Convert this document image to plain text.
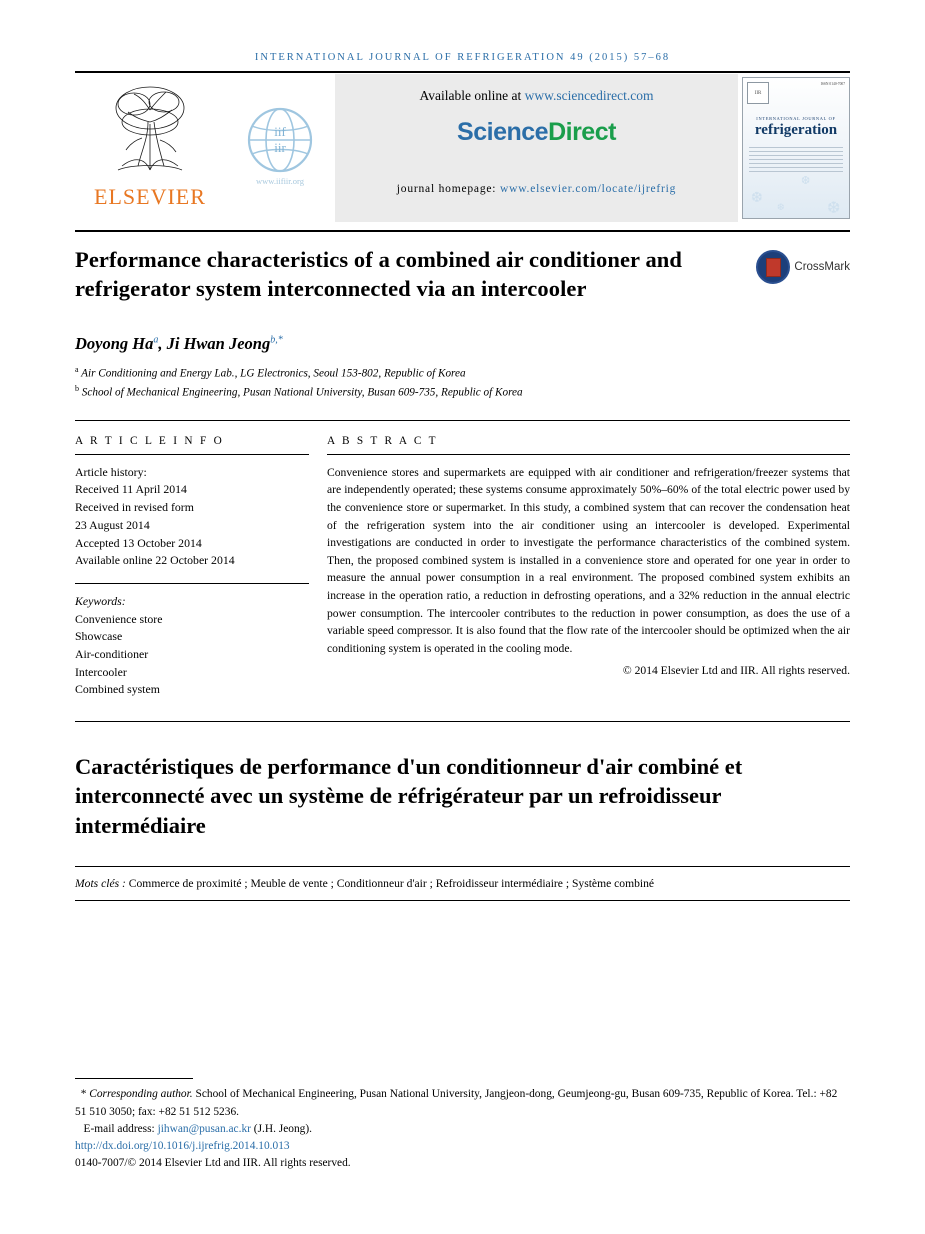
INTERNATIONAL JOURNAL OF REFRIGERATION 49 (2015) 57–68
ELSEVIER
iif
iir
www.iifiir.org
Available online at www.sciencedirect.com
ScienceDirect
journal homepage: www.elsevier.com/locate/ijrefrig
IIR
ISSN 0140-7007
INTERNATIONAL JOURNAL OF
refrigeration
❆
❆
❆
❆
Performance characteristics of a combined air conditioner and refrigerator system interconnected via an intercooler
CrossMark
Doyong Ha$^a$, Ji Hwan Jeong$^{b,*}$
$^a$ Air Conditioning and Energy Lab., LG Electronics, Seoul 153-802, Republic of Korea
$^b$ School of Mechanical Engineering, Pusan National University, Busan 609-735, Republic of Korea
A R T I C L E I N F O
Article history:
Received 11 April 2014
Received in revised form
23 August 2014
Accepted 13 October 2014
Available online 22 October 2014
Keywords:
Convenience store
Showcase
Air-conditioner
Intercooler
Combined system
A B S T R A C T
Convenience stores and supermarkets are equipped with air conditioner and refrigeration/freezer systems that are independently operated; these systems consume approximately 50%–60% of the total electric power used by the convenience store or supermarket. In this study, a combined system that can recover the condensation heat of the refrigeration system into the air conditioner using an intercooler is developed. Experimental investigations are conducted in order to investigate the performance characteristics of the combined system. Then, the proposed combined system is installed in a convenience store and operated for one year in order to measure the annual power consumption in a real environment. The proposed combined system exhibits an increase in the operation ratio, a reduction in defrosting operations, and a 32% reduction in the annual electric power consumption. The intercooler contributes to the reduction in power consumption, as does the use of a variable speed compressor. It is also found that the flow rate of the intercooler should be optimized when the air conditioning system is operated in the cooling mode.
© 2014 Elsevier Ltd and IIR. All rights reserved.
Caractéristiques de performance d'un conditionneur d'air combiné et interconnecté avec un système de réfrigérateur par un refroidisseur intermédiaire
Mots clés : Commerce de proximité ; Meuble de vente ; Conditionneur d'air ; Refroidisseur intermédiaire ; Système combiné
* Corresponding author. School of Mechanical Engineering, Pusan National University, Jangjeon-dong, Geumjeong-gu, Busan 609-735, Republic of Korea. Tel.: +82 51 510 3050; fax: +82 51 512 5236.
E-mail address: jihwan@pusan.ac.kr (J.H. Jeong).
http://dx.doi.org/10.1016/j.ijrefrig.2014.10.013
0140-7007/© 2014 Elsevier Ltd and IIR. All rights reserved.
